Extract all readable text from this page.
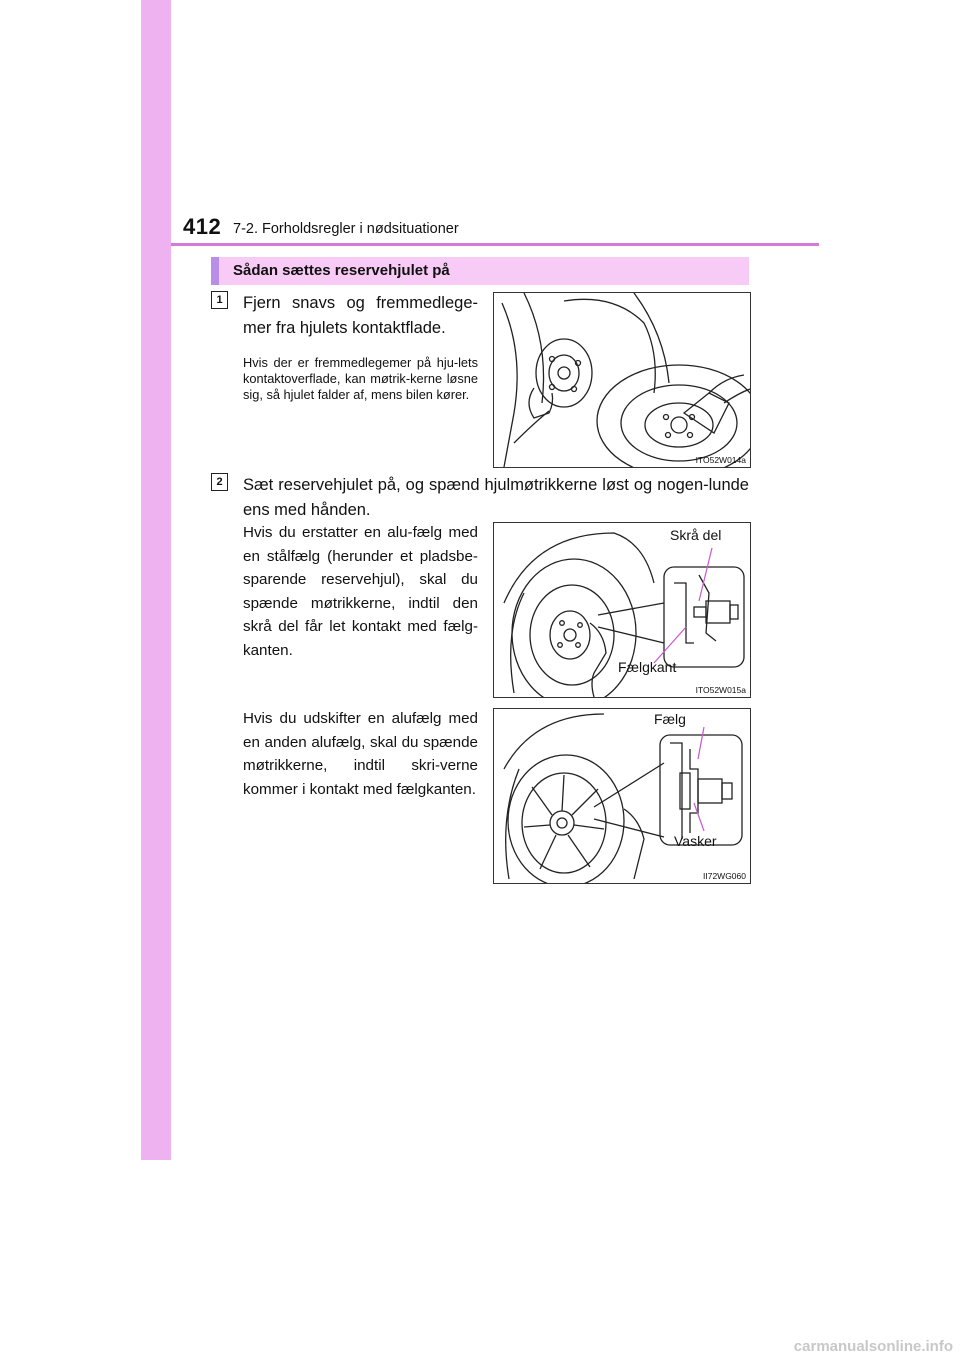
412 7-2. Forholdsregler i nødsituationer
Sådan sættes reservehjulet på
1	Fjern snavs og fremmedlege-mer fra hjulets kontaktflade.
Hvis der er fremmedlegemer på hju-lets kontaktoverflade, kan møtrik-kerne løsne sig, så hjulet falder af, mens bilen kører.
ITO52W014a
2	Sæt reservehjulet på, og spænd hjulmøtrikkerne løst og nogen-lunde ens med hånden.
Hvis du erstatter en alu-fælg med en stålfælg (herunder et pladsbe-sparende reservehjul), skal du spænde møtrikkerne, indtil den skrå del får let kontakt med fælg-kanten.
Skrå del
Fælgkant
ITO52W015a
Hvis du udskifter en alufælg med en anden alufælg, skal du spænde møtrikkerne, indtil skri-verne kommer i kontakt med fælgkanten.
Fælg
Vasker
II72WG060
carmanualsonline.info
